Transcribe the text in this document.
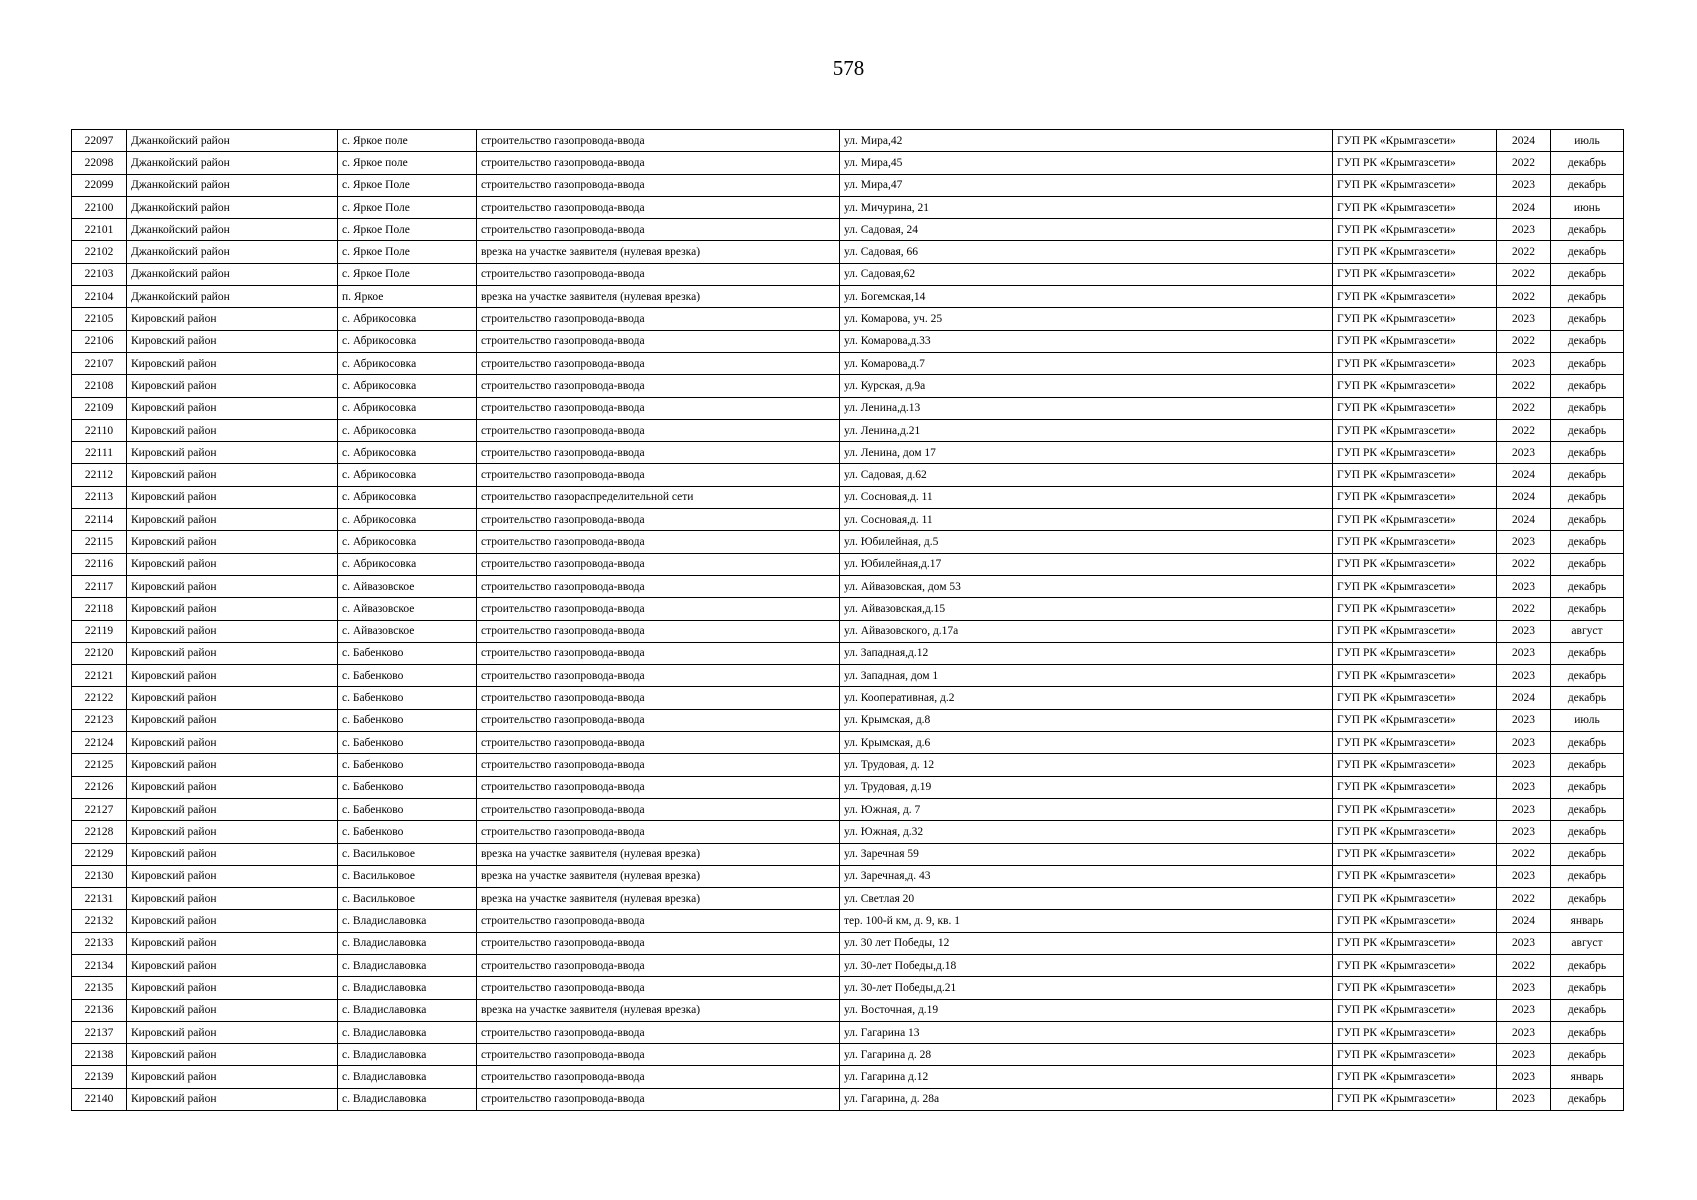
578
22097	Джанкойский район	с. Яркое поле	строительство газопровода-ввода	ул. Мира,42	ГУП РК «Крымгазсети»	2024	июль
22098	Джанкойский район	с. Яркое поле	строительство газопровода-ввода	ул. Мира,45	ГУП РК «Крымгазсети»	2022	декабрь
22099	Джанкойский район	с. Яркое Поле	строительство газопровода-ввода	ул. Мира,47	ГУП РК «Крымгазсети»	2023	декабрь
22100	Джанкойский район	с. Яркое Поле	строительство газопровода-ввода	ул. Мичурина, 21	ГУП РК «Крымгазсети»	2024	июнь
22101	Джанкойский район	с. Яркое Поле	строительство газопровода-ввода	ул. Садовая, 24	ГУП РК «Крымгазсети»	2023	декабрь
22102	Джанкойский район	с. Яркое Поле	врезка на участке заявителя (нулевая врезка)	ул. Садовая, 66	ГУП РК «Крымгазсети»	2022	декабрь
22103	Джанкойский район	с. Яркое Поле	строительство газопровода-ввода	ул. Садовая,62	ГУП РК «Крымгазсети»	2022	декабрь
22104	Джанкойский район	п. Яркое	врезка на участке заявителя (нулевая врезка)	ул. Богемская,14	ГУП РК «Крымгазсети»	2022	декабрь
22105	Кировский район	с. Абрикосовка	строительство газопровода-ввода	ул. Комарова, уч. 25	ГУП РК «Крымгазсети»	2023	декабрь
22106	Кировский район	с. Абрикосовка	строительство газопровода-ввода	ул. Комарова,д.33	ГУП РК «Крымгазсети»	2022	декабрь
22107	Кировский район	с. Абрикосовка	строительство газопровода-ввода	ул. Комарова,д.7	ГУП РК «Крымгазсети»	2023	декабрь
22108	Кировский район	с. Абрикосовка	строительство газопровода-ввода	ул. Курская, д.9а	ГУП РК «Крымгазсети»	2022	декабрь
22109	Кировский район	с. Абрикосовка	строительство газопровода-ввода	ул. Ленина,д.13	ГУП РК «Крымгазсети»	2022	декабрь
22110	Кировский район	с. Абрикосовка	строительство газопровода-ввода	ул. Ленина,д.21	ГУП РК «Крымгазсети»	2022	декабрь
22111	Кировский район	с. Абрикосовка	строительство газопровода-ввода	ул. Ленина, дом 17	ГУП РК «Крымгазсети»	2023	декабрь
22112	Кировский район	с. Абрикосовка	строительство газопровода-ввода	ул. Садовая, д.62	ГУП РК «Крымгазсети»	2024	декабрь
22113	Кировский район	с. Абрикосовка	строительство газораспределительной сети	ул. Сосновая,д. 11	ГУП РК «Крымгазсети»	2024	декабрь
22114	Кировский район	с. Абрикосовка	строительство газопровода-ввода	ул. Сосновая,д. 11	ГУП РК «Крымгазсети»	2024	декабрь
22115	Кировский район	с. Абрикосовка	строительство газопровода-ввода	ул. Юбилейная, д.5	ГУП РК «Крымгазсети»	2023	декабрь
22116	Кировский район	с. Абрикосовка	строительство газопровода-ввода	ул. Юбилейная,д.17	ГУП РК «Крымгазсети»	2022	декабрь
22117	Кировский район	с. Айвазовское	строительство газопровода-ввода	ул. Айвазовская, дом 53	ГУП РК «Крымгазсети»	2023	декабрь
22118	Кировский район	с. Айвазовское	строительство газопровода-ввода	ул. Айвазовская,д.15	ГУП РК «Крымгазсети»	2022	декабрь
22119	Кировский район	с. Айвазовское	строительство газопровода-ввода	ул. Айвазовского, д.17а	ГУП РК «Крымгазсети»	2023	август
22120	Кировский район	с. Бабенково	строительство газопровода-ввода	ул. Западная,д.12	ГУП РК «Крымгазсети»	2023	декабрь
22121	Кировский район	с. Бабенково	строительство газопровода-ввода	ул. Западная, дом 1	ГУП РК «Крымгазсети»	2023	декабрь
22122	Кировский район	с. Бабенково	строительство газопровода-ввода	ул. Кооперативная, д.2	ГУП РК «Крымгазсети»	2024	декабрь
22123	Кировский район	с. Бабенково	строительство газопровода-ввода	ул. Крымская, д.8	ГУП РК «Крымгазсети»	2023	июль
22124	Кировский район	с. Бабенково	строительство газопровода-ввода	ул. Крымская, д.6	ГУП РК «Крымгазсети»	2023	декабрь
22125	Кировский район	с. Бабенково	строительство газопровода-ввода	ул. Трудовая, д. 12	ГУП РК «Крымгазсети»	2023	декабрь
22126	Кировский район	с. Бабенково	строительство газопровода-ввода	ул. Трудовая, д.19	ГУП РК «Крымгазсети»	2023	декабрь
22127	Кировский район	с. Бабенково	строительство газопровода-ввода	ул. Южная, д. 7	ГУП РК «Крымгазсети»	2023	декабрь
22128	Кировский район	с. Бабенково	строительство газопровода-ввода	ул. Южная, д.32	ГУП РК «Крымгазсети»	2023	декабрь
22129	Кировский район	с. Васильковое	врезка на участке заявителя (нулевая врезка)	ул. Заречная 59	ГУП РК «Крымгазсети»	2022	декабрь
22130	Кировский район	с. Васильковое	врезка на участке заявителя (нулевая врезка)	ул. Заречная,д. 43	ГУП РК «Крымгазсети»	2023	декабрь
22131	Кировский район	с. Васильковое	врезка на участке заявителя (нулевая врезка)	ул. Светлая 20	ГУП РК «Крымгазсети»	2022	декабрь
22132	Кировский район	с. Владиславовка	строительство газопровода-ввода	тер. 100-й км, д. 9, кв. 1	ГУП РК «Крымгазсети»	2024	январь
22133	Кировский район	с. Владиславовка	строительство газопровода-ввода	ул. 30 лет Победы, 12	ГУП РК «Крымгазсети»	2023	август
22134	Кировский район	с. Владиславовка	строительство газопровода-ввода	ул. 30-лет Победы,д.18	ГУП РК «Крымгазсети»	2022	декабрь
22135	Кировский район	с. Владиславовка	строительство газопровода-ввода	ул. 30-лет Победы,д.21	ГУП РК «Крымгазсети»	2023	декабрь
22136	Кировский район	с. Владиславовка	врезка на участке заявителя (нулевая врезка)	ул. Восточная, д.19	ГУП РК «Крымгазсети»	2023	декабрь
22137	Кировский район	с. Владиславовка	строительство газопровода-ввода	ул. Гагарина 13	ГУП РК «Крымгазсети»	2023	декабрь
22138	Кировский район	с. Владиславовка	строительство газопровода-ввода	ул. Гагарина д. 28	ГУП РК «Крымгазсети»	2023	декабрь
22139	Кировский район	с. Владиславовка	строительство газопровода-ввода	ул. Гагарина д.12	ГУП РК «Крымгазсети»	2023	январь
22140	Кировский район	с. Владиславовка	строительство газопровода-ввода	ул. Гагарина, д. 28а	ГУП РК «Крымгазсети»	2023	декабрь
